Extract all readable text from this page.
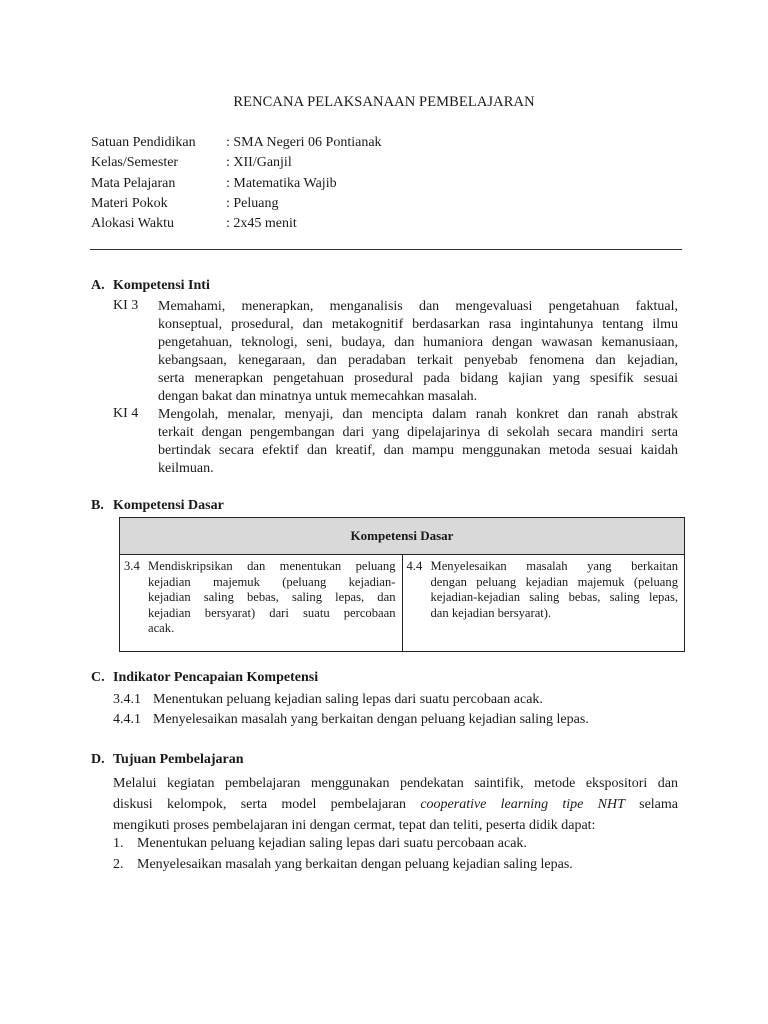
RENCANA PELAKSANAAN PEMBELAJARAN
Satuan Pendidikan : SMA Negeri 06 Pontianak
Kelas/Semester	: XII/Ganjil
Mata Pelajaran	: Matematika Wajib
Materi Pokok	: Peluang
Alokasi Waktu	: 2x45 menit
A. Kompetensi Inti
KI 3 Memahami, menerapkan, menganalisis dan mengevaluasi pengetahuan faktual,
konseptual, prosedural, dan metakognitif berdasarkan rasa ingintahunya tentang ilmu
pengetahuan, teknologi, seni, budaya, dan humaniora dengan wawasan kemanusiaan,
kebangsaan, kenegaraan, dan peradaban terkait penyebab fenomena dan kejadian,
serta menerapkan pengetahuan prosedural pada bidang kajian yang spesifik sesuai
dengan bakat dan minatnya untuk memecahkan masalah.
KI 4 Mengolah, menalar, menyaji, dan mencipta dalam ranah konkret dan ranah abstrak
terkait dengan pengembangan dari yang dipelajarinya di sekolah secara mandiri serta
bertindak secara efektif dan kreatif, dan mampu menggunakan metoda sesuai kaidah
keilmuan.
B. Kompetensi Dasar
Kompetensi Dasar

3.4 Mendiskripsikan dan menentukan peluang
kejadian majemuk (peluang kejadian-
kejadian saling bebas, saling lepas, dan
kejadian bersyarat) dari suatu percobaan
acak.

4.4 Menyelesaikan masalah yang berkaitan
dengan peluang kejadian majemuk (peluang
kejadian-kejadian saling bebas, saling lepas,
dan kejadian bersyarat).
C. Indikator Pencapaian Kompetensi
3.4.1 Menentukan peluang kejadian saling lepas dari suatu percobaan acak.
4.4.1 Menyelesaikan masalah yang berkaitan dengan peluang kejadian saling lepas.
D. Tujuan Pembelajaran
Melalui kegiatan pembelajaran menggunakan pendekatan saintifik, metode ekspositori dan
diskusi kelompok, serta model pembelajaran cooperative learning tipe NHT selama
mengikuti proses pembelajaran ini dengan cermat, tepat dan teliti, peserta didik dapat:
1. Menentukan peluang kejadian saling lepas dari suatu percobaan acak.
2. Menyelesaikan masalah yang berkaitan dengan peluang kejadian saling lepas.
